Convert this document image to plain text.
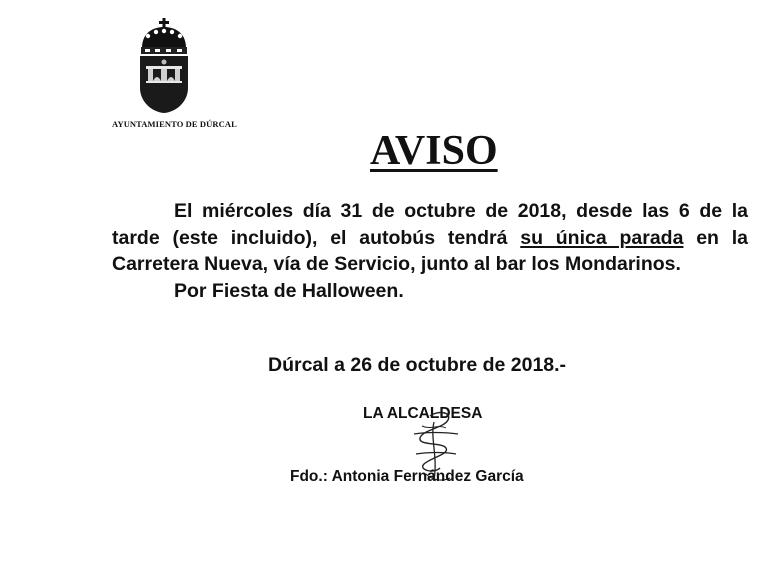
AYUNTAMIENTO DE DÚRCAL
AVISO

El miércoles día 31 de octubre de 2018, desde las 6 de la tarde (este incluido), el autobús tendrá su única parada en la Carretera Nueva, vía de Servicio, junto al bar los Mondarinos.

Por Fiesta de Halloween.

Dúrcal a 26 de octubre de 2018.-
LA ALCALDESA
Fdo.: Antonia Fernández García
